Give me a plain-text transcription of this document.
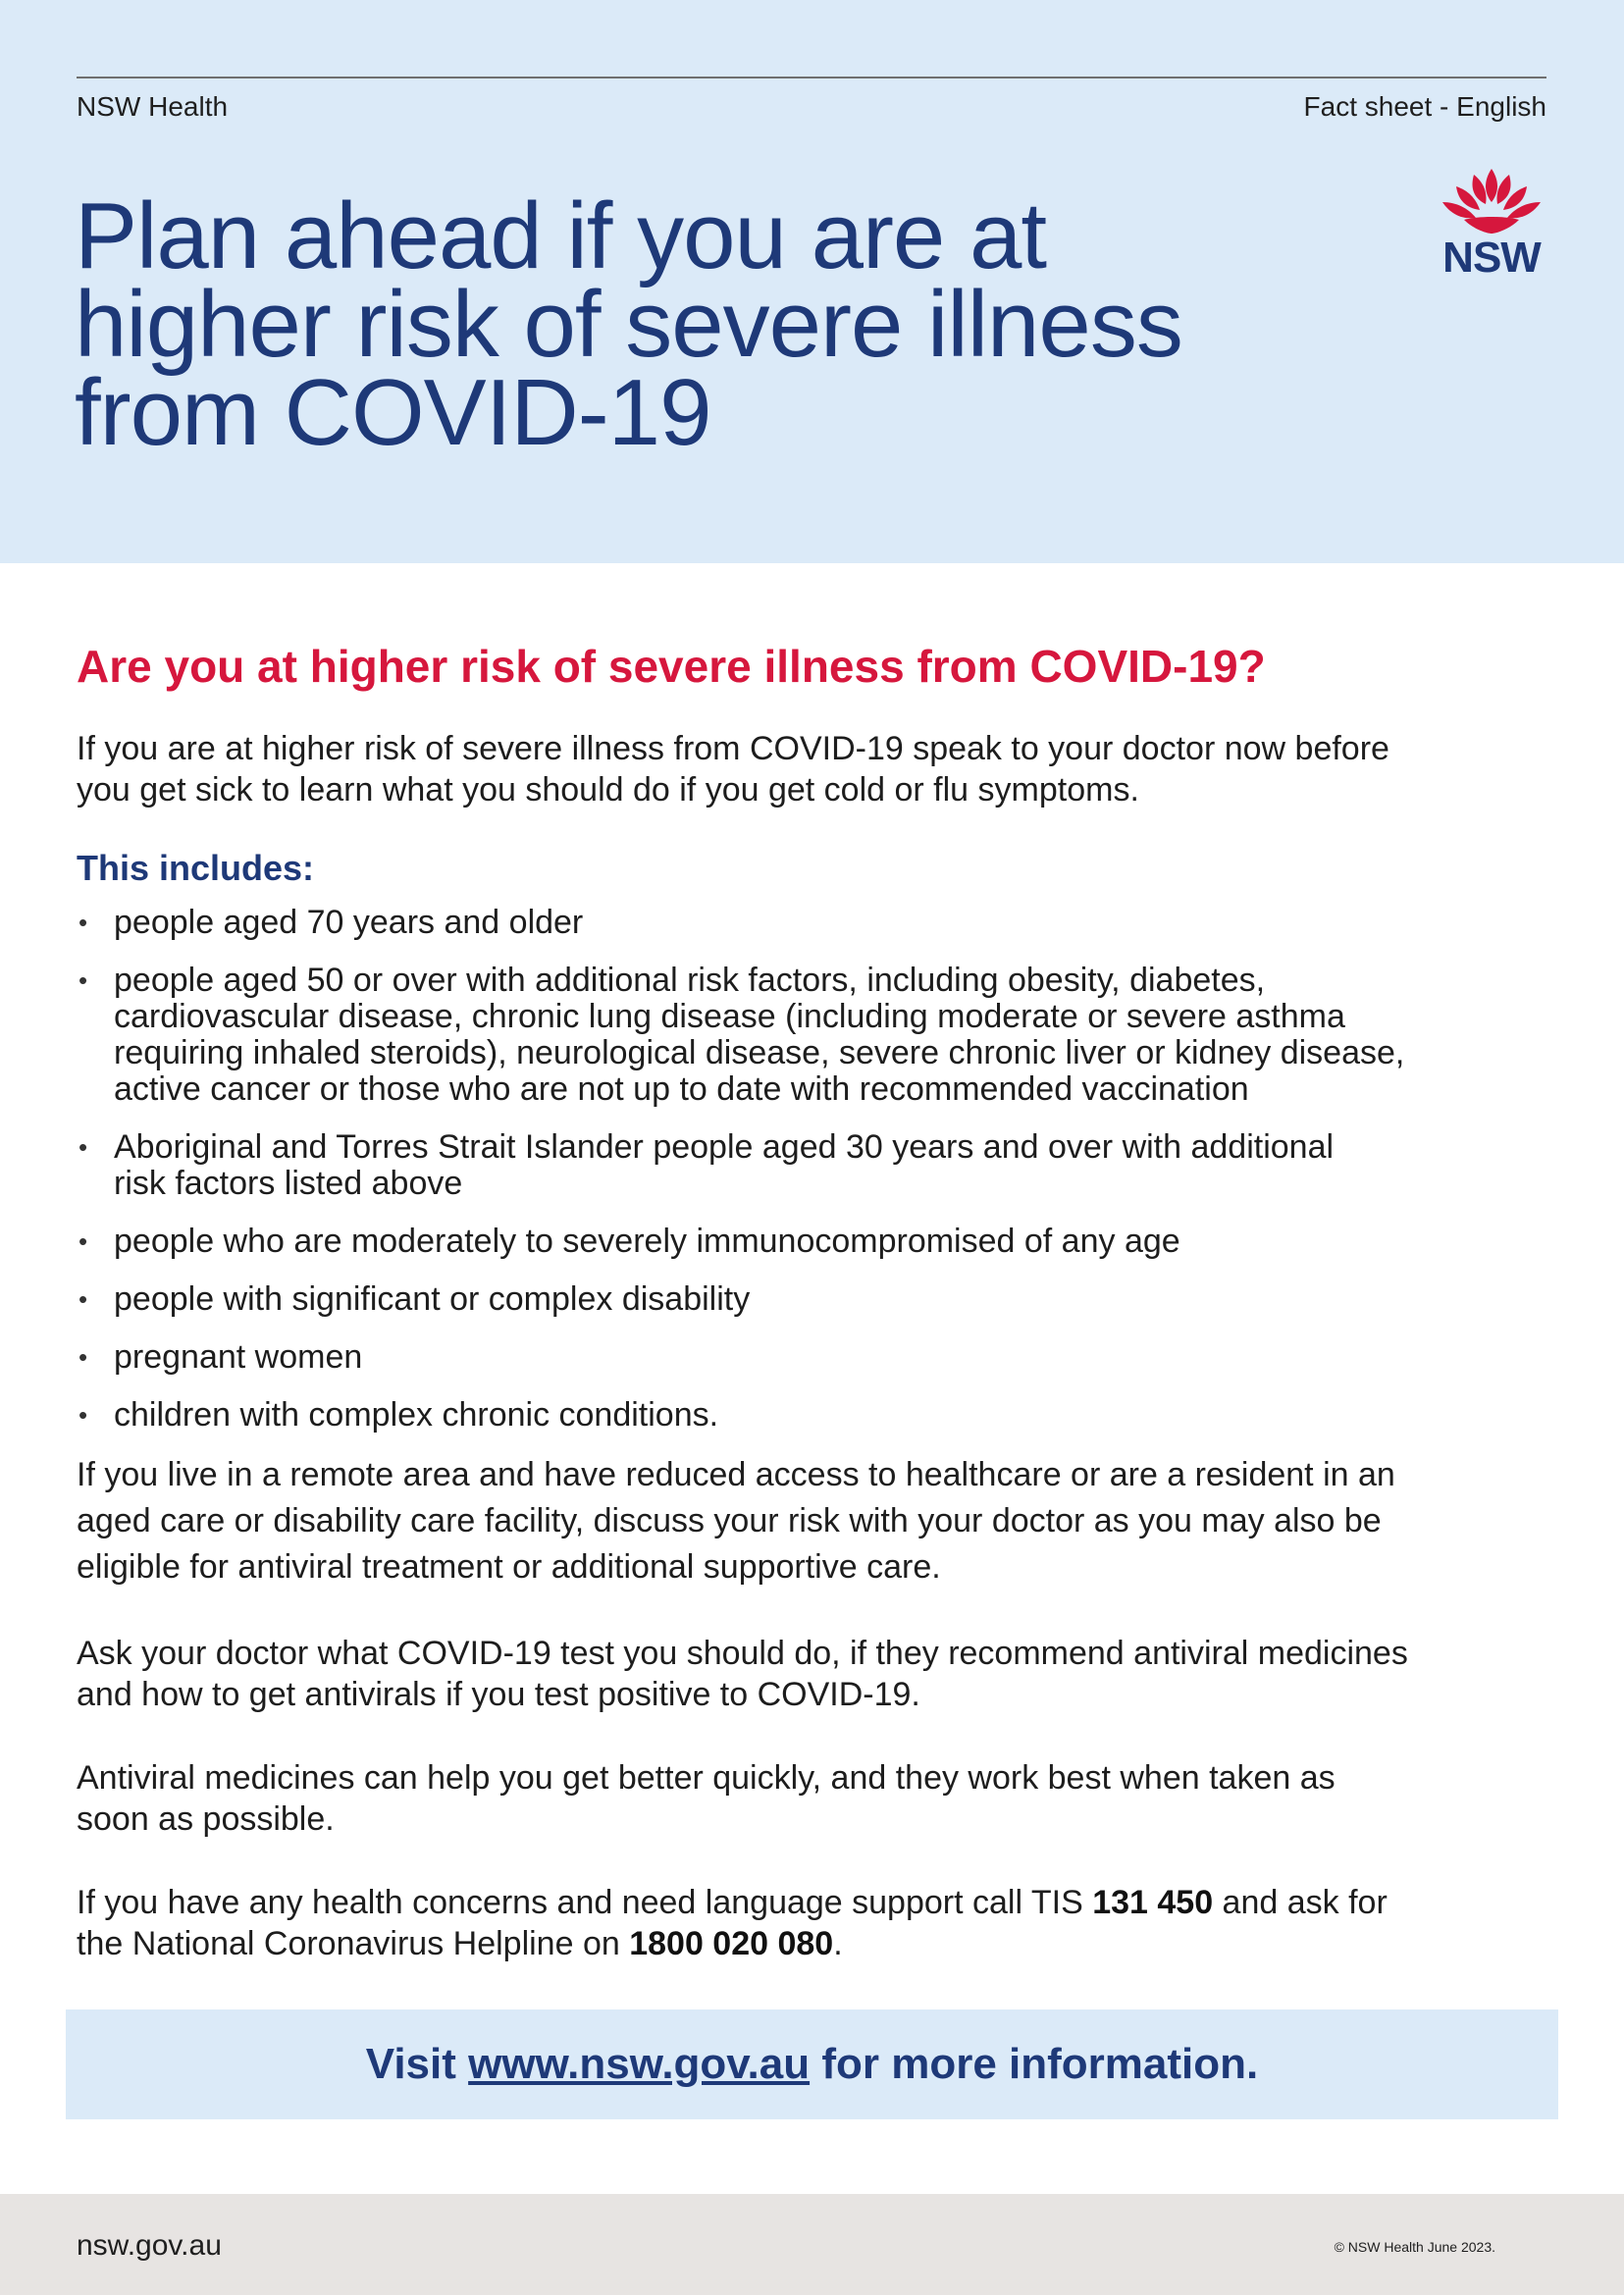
NSW Health	Fact sheet - English
Plan ahead if you are at
higher risk of severe illness
from COVID-19
NSW
Are you at higher risk of severe illness from COVID-19?

If you are at higher risk of severe illness from COVID-19 speak to your doctor now before
you get sick to learn what you should do if you get cold or flu symptoms.

This includes:
• people aged 70 years and older
• people aged 50 or over with additional risk factors, including obesity, diabetes,
cardiovascular disease, chronic lung disease (including moderate or severe asthma
requiring inhaled steroids), neurological disease, severe chronic liver or kidney disease,
active cancer or those who are not up to date with recommended vaccination
• Aboriginal and Torres Strait Islander people aged 30 years and over with additional
risk factors listed above
• people who are moderately to severely immunocompromised of any age
• people with significant or complex disability
• pregnant women
• children with complex chronic conditions.

If you live in a remote area and have reduced access to healthcare or are a resident in an
aged care or disability care facility, discuss your risk with your doctor as you may also be
eligible for antiviral treatment or additional supportive care.

Ask your doctor what COVID-19 test you should do, if they recommend antiviral medicines
and how to get antivirals if you test positive to COVID-19.

Antiviral medicines can help you get better quickly, and they work best when taken as
soon as possible.

If you have any health concerns and need language support call TIS 131 450 and ask for
the National Coronavirus Helpline on 1800 020 080.

Visit www.nsw.gov.au for more information.
nsw.gov.au	© NSW Health June 2023.
